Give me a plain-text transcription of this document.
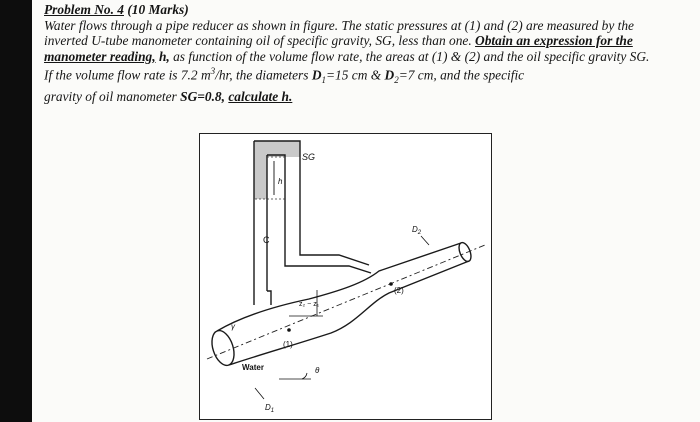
Problem No. 4 (10 Marks)
Water flows through a pipe reducer as shown in figure. The static pressures at (1) and (2) are measured by the inverted U-tube manometer containing oil of specific gravity, SG, less than one. Obtain an expression for the manometer reading, h, as function of the volume flow rate, the areas at (1) & (2) and the oil specific gravity SG.
If the volume flow rate is 7.2 $m^3/hr$, the diameters $D_1=15$ cm & $D_2=7$ cm, and the specific
gravity of oil manometer SG=0.8, calculate h.
h
C
SG
z₂ − z₁
(1)
(2)
γ
Water	θ
$D_1$
$D_2$
